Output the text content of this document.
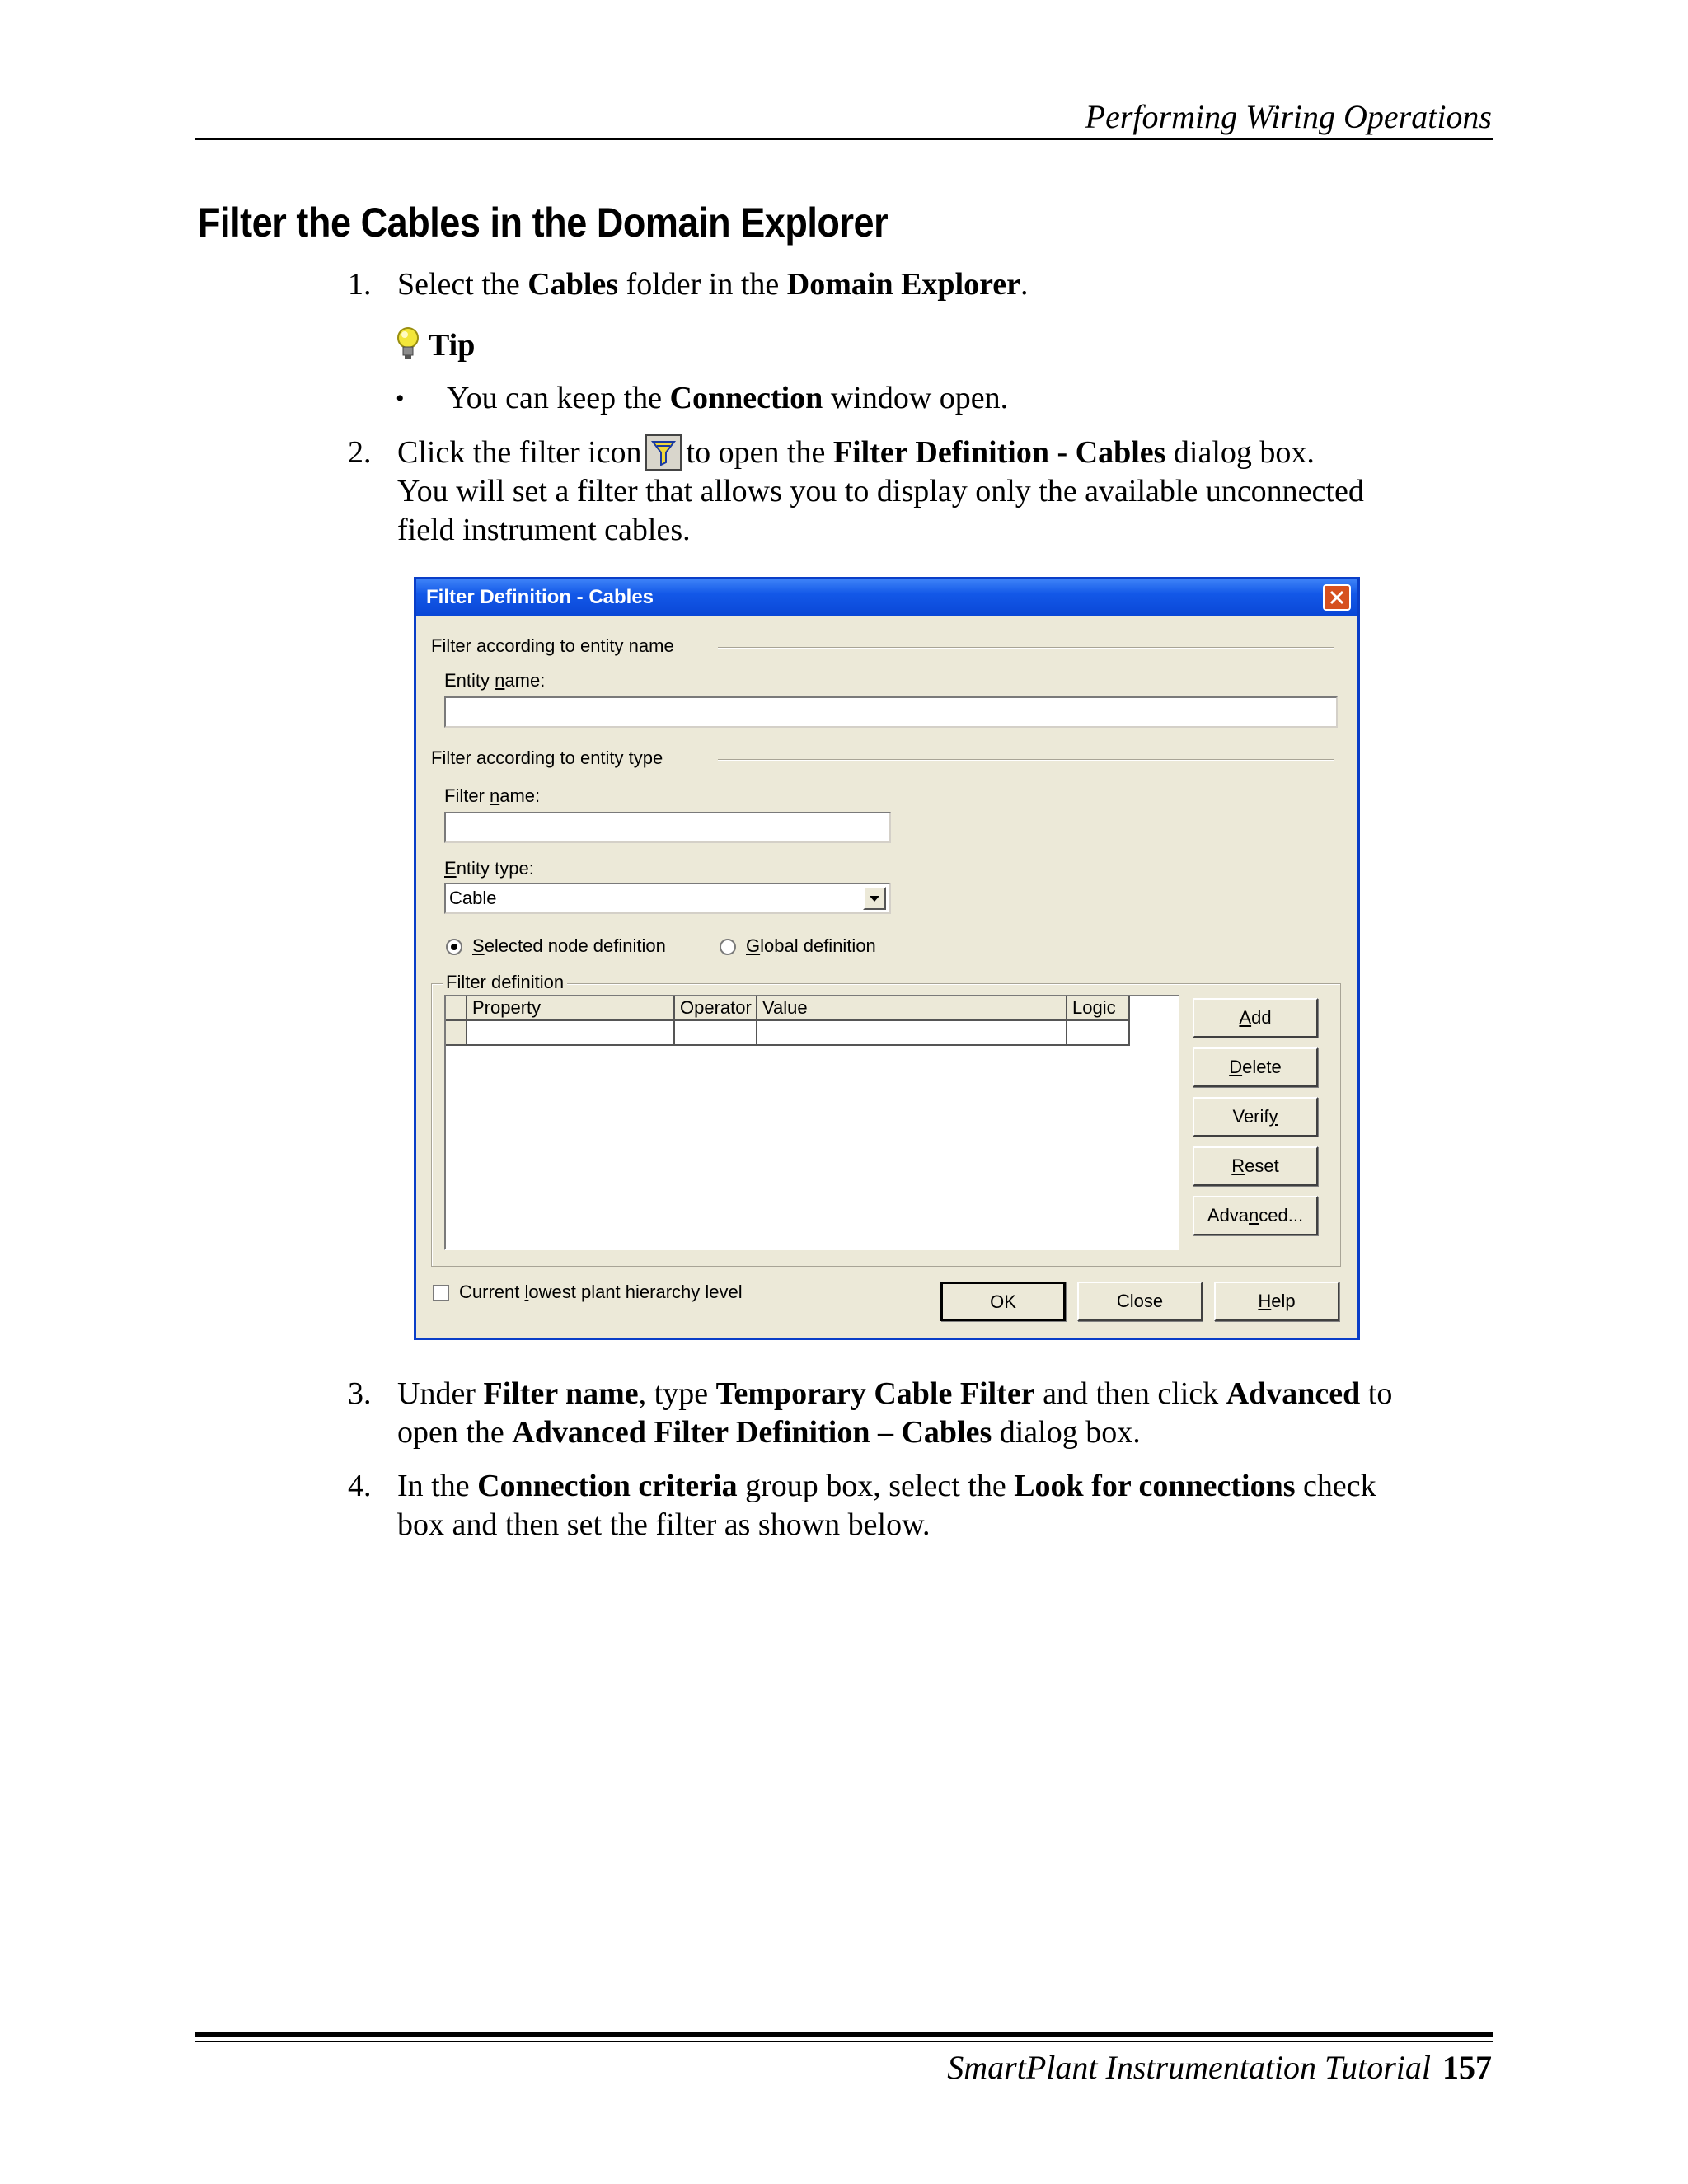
Performing Wiring Operations
Filter the Cables in the Domain Explorer
1. Select the Cables folder in the Domain Explorer.
Tip
• You can keep the Connection window open.
2. Click the filter icon to open the Filter Definition - Cables dialog box.
You will set a filter that allows you to display only the available unconnected
field instrument cables.
Filter Definition - Cables
Filter according to entity name
Entity name:
Filter according to entity type
Filter name:
Entity type:
Cable
Selected node definition	Global definition
Filter definition
Property	Operator Value	Logic	Add
Delete
Verify
Reset
Advanced...
Current lowest plant hierarchy level	OK	Close	Help
3. Under Filter name, type Temporary Cable Filter and then click Advanced to
open the Advanced Filter Definition – Cables dialog box.
4. In the Connection criteria group box, select the Look for connections check
box and then set the filter as shown below.
SmartPlant Instrumentation Tutorial 157
